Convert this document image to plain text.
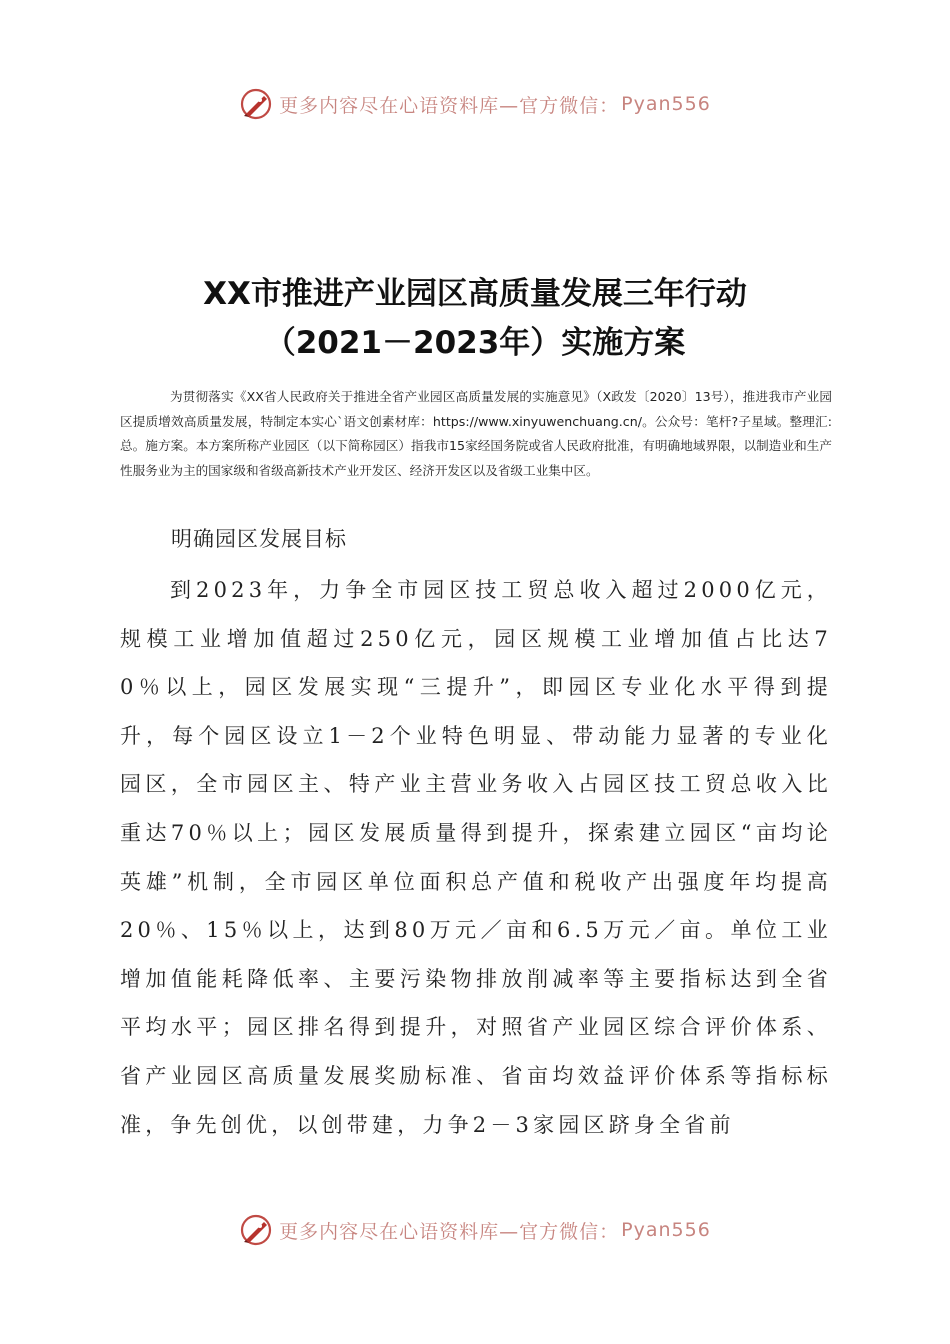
更多内容尽在心语资料库—官方微信： Pyan556
XX市推进产业园区高质量发展三年行动
（2021－2023年）实施方案
为贯彻落实《XX省人民政府关于推进全省产业园区高质量发展的实施意见》（X政发〔2020〕13号），推进我市产业园区提质增效高质量发展，特制定本实心`语文创素材库：https://www.xinyuwenchuang.cn/。公众号：笔杆?子星域。整理汇:总。施方案。本方案所称产业园区（以下简称园区）指我市15家经国务院或省人民政府批准，有明确地域界限，以制造业和生产性服务业为主的国家级和省级高新技术产业开发区、经济开发区以及省级工业集中区。
明确园区发展目标
到2023年，力争全市园区技工贸总收入超过2000亿元，规模工业增加值超过250亿元，园区规模工业增加值占比达70％以上，园区发展实现“三提升”，即园区专业化水平得到提升，每个园区设立1－2个业特色明显、带动能力显著的专业化园区，全市园区主、特产业主营业务收入占园区技工贸总收入比重达70％以上；园区发展质量得到提升，探索建立园区“亩均论英雄”机制，全市园区单位面积总产值和税收产出强度年均提高20％、15％以上，达到80万元／亩和6.5万元／亩。单位工业增加值能耗降低率、主要污染物排放削减率等主要指标达到全省平均水平；园区排名得到提升，对照省产业园区综合评价体系、省产业园区高质量发展奖励标准、省亩均效益评价体系等指标标准，争先创优，以创带建，力争2－3家园区跻身全省前
更多内容尽在心语资料库—官方微信： Pyan556
